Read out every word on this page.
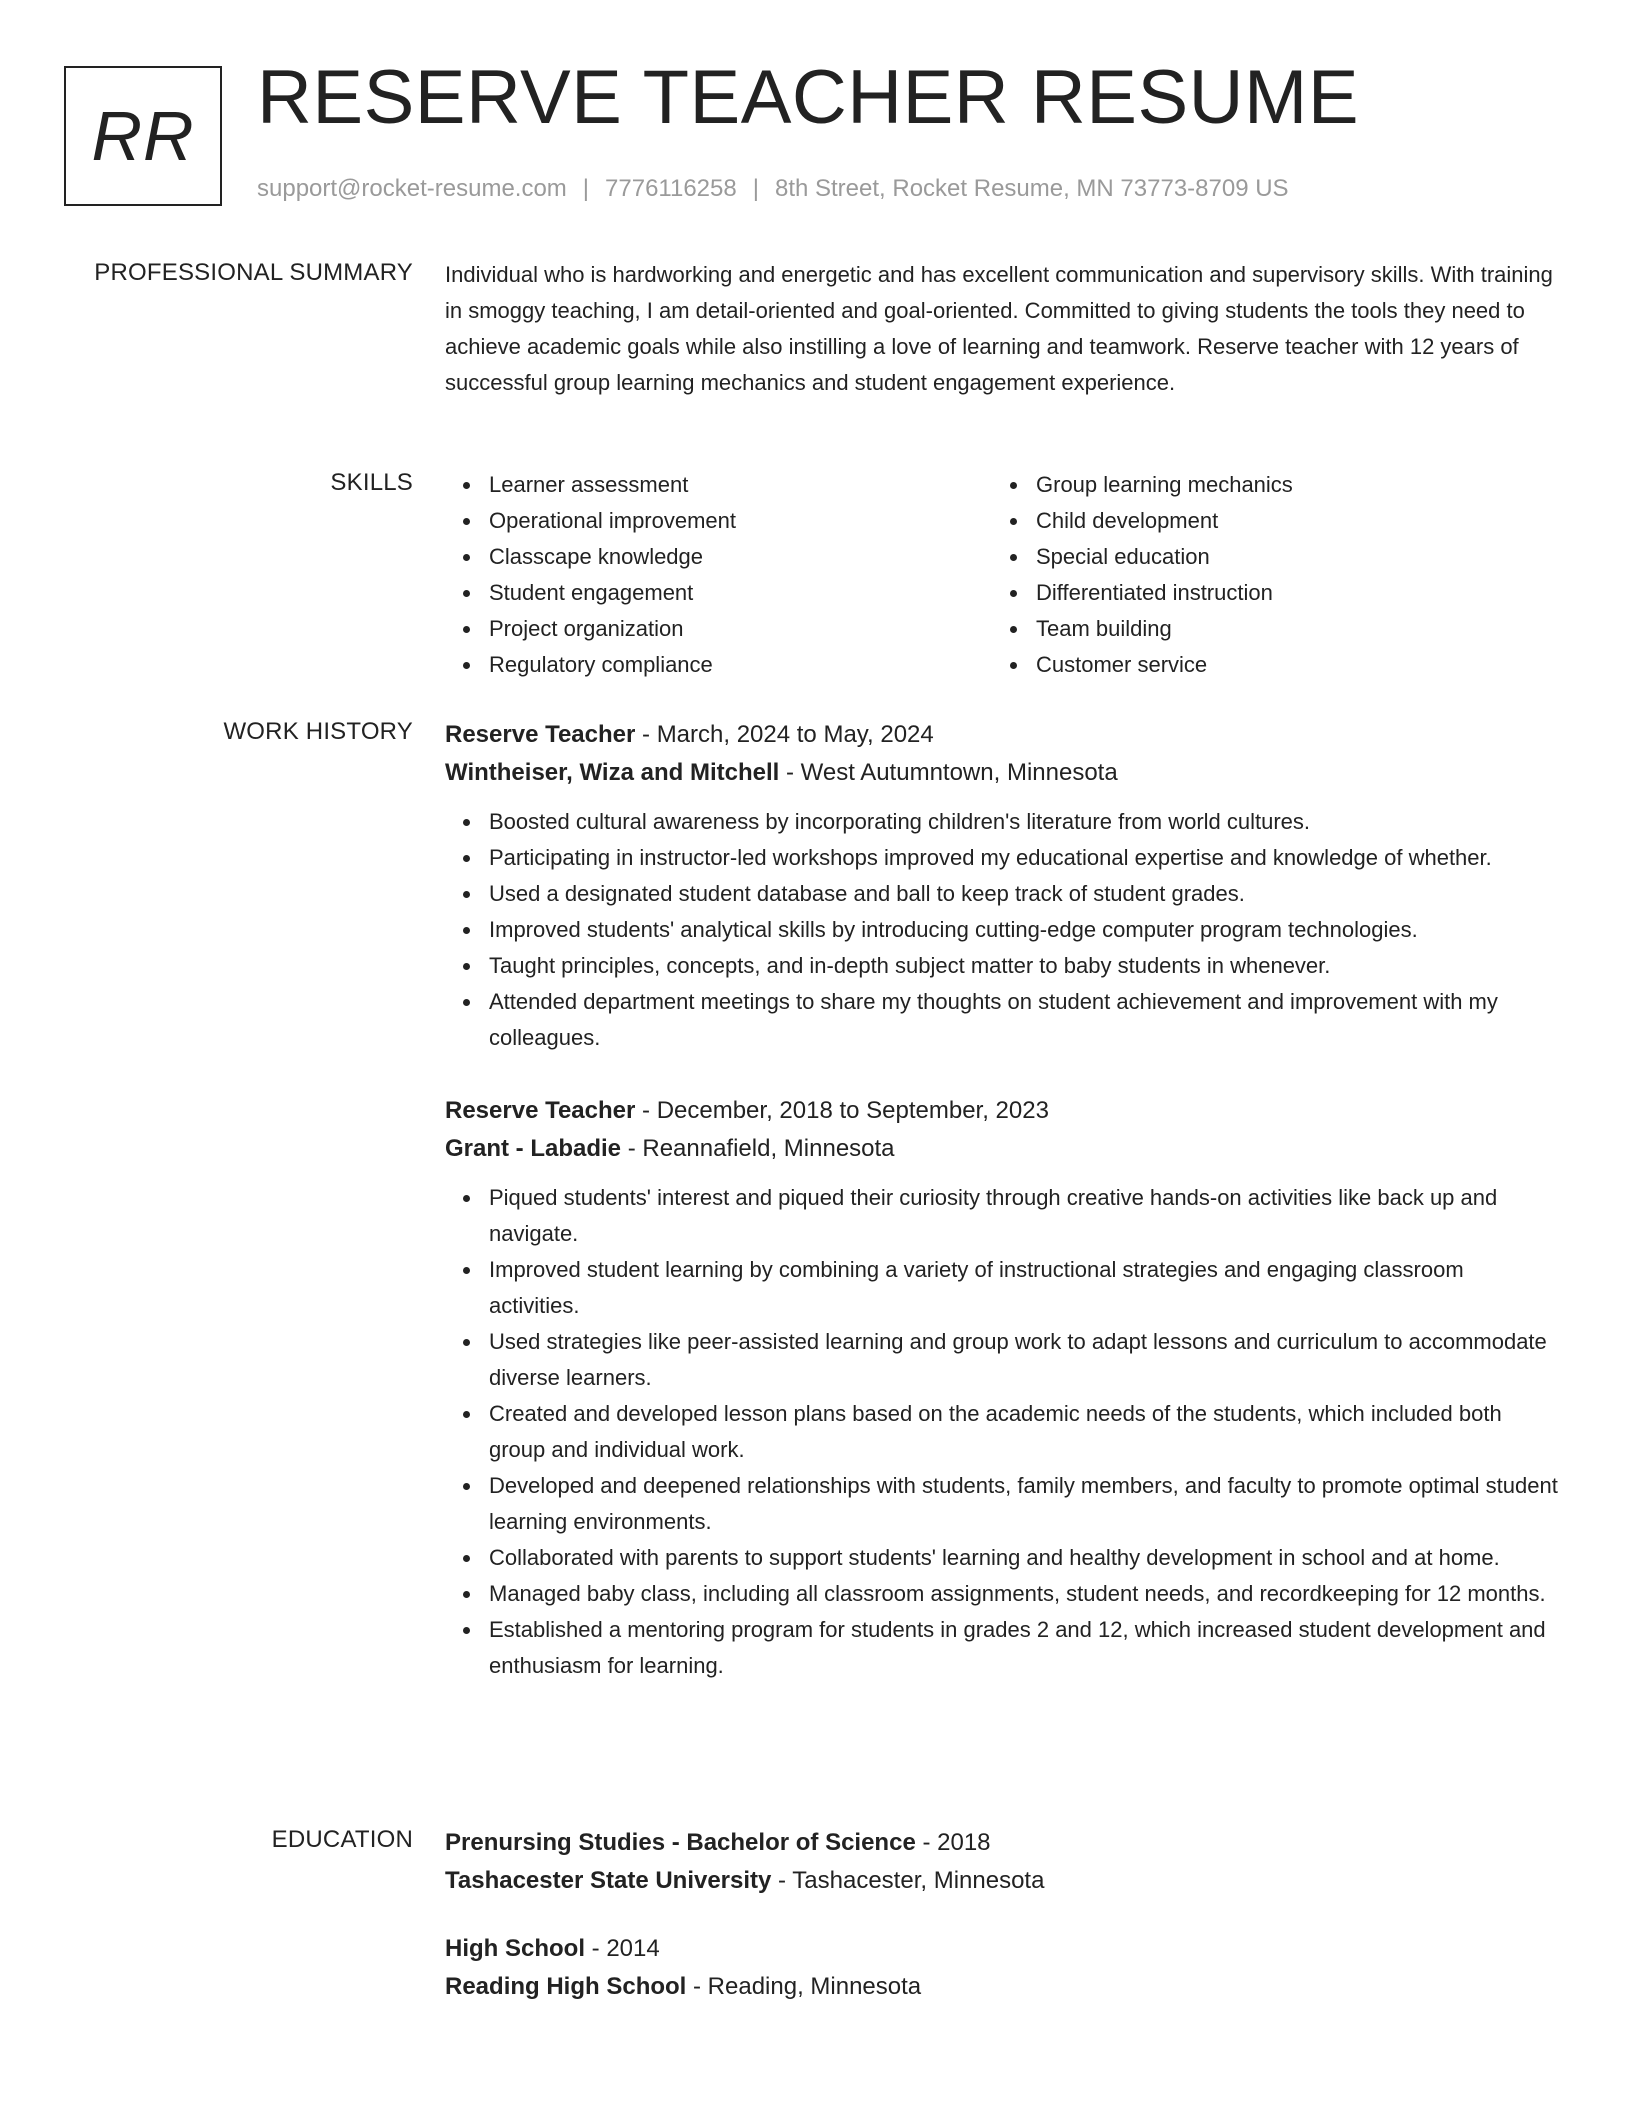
RR RESERVE TEACHER RESUME
support@rocket-resume.com | 7776116258 | 8th Street, Rocket Resume, MN 73773-8709 US
PROFESSIONAL SUMMARY Individual who is hardworking and energetic and has excellent communication and supervisory skills. With training in smoggy teaching, I am detail-oriented and goal-oriented. Committed to giving students the tools they need to achieve academic goals while also instilling a love of learning and teamwork. Reserve teacher with 12 years of successful group learning mechanics and student engagement experience.

SKILLS	Learner assessment
Operational improvement
Classcape knowledge
Student engagement
Project organization
Regulatory compliance
Group learning mechanics
Child development
Special education
Differentiated instruction
Team building
Customer service
WORK HISTORY Reserve Teacher - March, 2024 to May, 2024
Wintheiser, Wiza and Mitchell - West Autumntown, Minnesota
Boosted cultural awareness by incorporating children's literature from world cultures.
Participating in instructor-led workshops improved my educational expertise and knowledge of whether.
Used a designated student database and ball to keep track of student grades.
Improved students' analytical skills by introducing cutting-edge computer program technologies.
Taught principles, concepts, and in-depth subject matter to baby students in whenever.
Attended department meetings to share my thoughts on student achievement and improvement with my colleagues.
Reserve Teacher - December, 2018 to September, 2023
Grant - Labadie - Reannafield, Minnesota
Piqued students' interest and piqued their curiosity through creative hands-on activities like back up and navigate.
Improved student learning by combining a variety of instructional strategies and engaging classroom activities.
Used strategies like peer-assisted learning and group work to adapt lessons and curriculum to accommodate diverse learners.
Created and developed lesson plans based on the academic needs of the students, which included both group and individual work.
Developed and deepened relationships with students, family members, and faculty to promote optimal student learning environments.
Collaborated with parents to support students' learning and healthy development in school and at home.
Managed baby class, including all classroom assignments, student needs, and recordkeeping for 12 months.
Established a mentoring program for students in grades 2 and 12, which increased student development and enthusiasm for learning.
EDUCATION Prenursing Studies - Bachelor of Science - 2018
Tashacester State University - Tashacester, Minnesota
High School - 2014
Reading High School - Reading, Minnesota
